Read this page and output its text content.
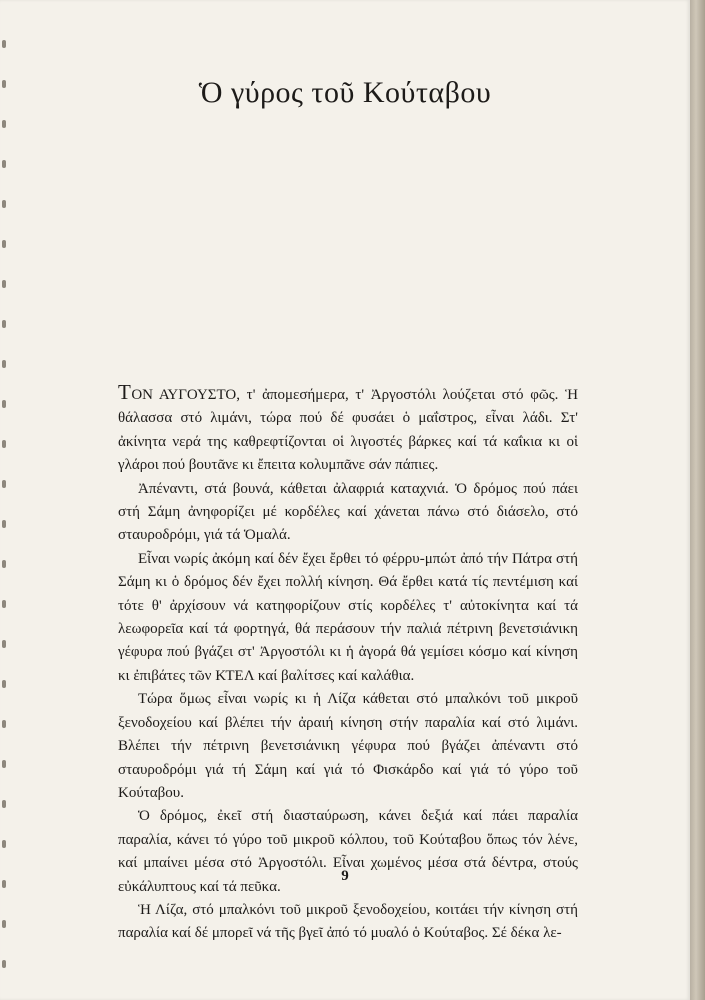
Ὁ γύρος τοῦ Κούταβου

ΤΟΝ ΑΥΓΟΥΣΤΟ, τ' ἀπομεσήμερα, τ' Ἀργοστόλι λούζεται στό φῶς. Ἡ θάλασσα στό λιμάνι, τώρα πού δέ φυσάει ὁ μαΐστρος, εἶναι λάδι. Στ' ἀκίνητα νερά της καθρεφτίζονται οἱ λιγοστές βάρκες καί τά καΐκια κι οἱ γλάροι πού βουτᾶνε κι ἔπειτα κολυμπᾶνε σάν πάπιες.

Ἀπέναντι, στά βουνά, κάθεται ἀλαφριά καταχνιά. Ὁ δρόμος πού πάει στή Σάμη ἀνηφορίζει μέ κορδέλες καί χάνεται πάνω στό διάσελο, στό σταυροδρόμι, γιά τά Ὁμαλά.

Εἶναι νωρίς ἀκόμη καί δέν ἔχει ἔρθει τό φέρρυ-μπώτ ἀπό τήν Πάτρα στή Σάμη κι ὁ δρόμος δέν ἔχει πολλή κίνηση. Θά ἔρθει κατά τίς πεντέμιση καί τότε θ' ἀρχίσουν νά κατηφορίζουν στίς κορδέλες τ' αὐτοκίνητα καί τά λεωφορεῖα καί τά φορτηγά, θά περάσουν τήν παλιά πέτρινη βενετσιάνικη γέφυρα πού βγάζει στ' Ἀργοστόλι κι ἡ ἀγορά θά γεμίσει κόσμο καί κίνηση κι ἐπιβάτες τῶν ΚΤΕΛ καί βαλίτσες καί καλάθια.

Τώρα ὅμως εἶναι νωρίς κι ἡ Λίζα κάθεται στό μπαλκόνι τοῦ μικροῦ ξενοδοχείου καί βλέπει τήν ἀραιή κίνηση στήν παραλία καί στό λιμάνι. Βλέπει τήν πέτρινη βενετσιάνικη γέφυρα πού βγάζει ἀπέναντι στό σταυροδρόμι γιά τή Σάμη καί γιά τό Φισκάρδο καί γιά τό γύρο τοῦ Κούταβου.

Ὁ δρόμος, ἐκεῖ στή διασταύρωση, κάνει δεξιά καί πάει παραλία παραλία, κάνει τό γύρο τοῦ μικροῦ κόλπου, τοῦ Κούταβου ὅπως τόν λένε, καί μπαίνει μέσα στό Ἀργοστόλι. Εἶναι χωμένος μέσα στά δέντρα, στούς εὐκάλυπτους καί τά πεῦκα.

Ἡ Λίζα, στό μπαλκόνι τοῦ μικροῦ ξενοδοχείου, κοιτάει τήν κίνηση στή παραλία καί δέ μπορεῖ νά τῆς βγεῖ ἀπό τό μυαλό ὁ Κούταβος. Σέ δέκα λε-

9
